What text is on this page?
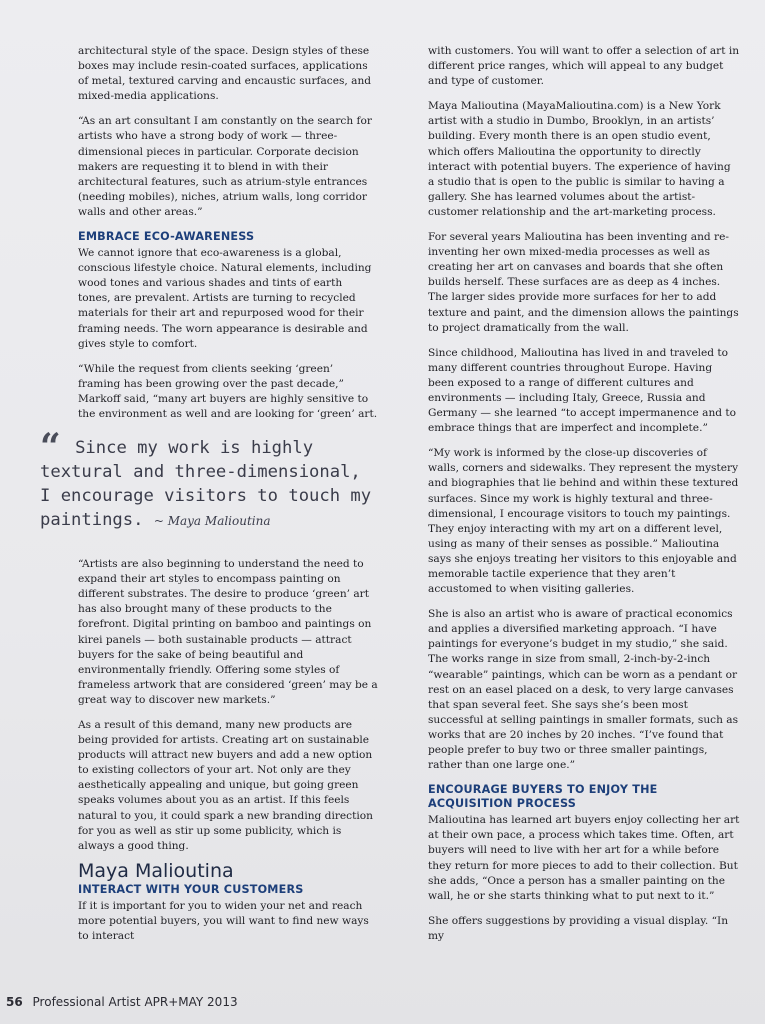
architectural style of the space. Design styles of these boxes may include resin-coated surfaces, applications of metal, textured carving and encaustic surfaces, and mixed-media applications.

“As an art consultant I am constantly on the search for artists who have a strong body of work — three-dimensional pieces in particular. Corporate decision makers are requesting it to blend in with their architectural features, such as atrium-style entrances (needing mobiles), niches, atrium walls, long corridor walls and other areas.”

EMBRACE ECO-AWARENESS

We cannot ignore that eco-awareness is a global, conscious lifestyle choice. Natural elements, including wood tones and various shades and tints of earth tones, are prevalent. Artists are turning to recycled materials for their art and repurposed wood for their framing needs. The worn appearance is desirable and gives style to comfort.

“While the request from clients seeking ‘green’ framing has been growing over the past decade,” Markoff said, “many art buyers are highly sensitive to the environment as well and are looking for ‘green’ art.

“ Since my work is highly textural and three-dimensional, I encourage visitors to touch my paintings. ~ Maya Malioutina

“Artists are also beginning to understand the need to expand their art styles to encompass painting on different substrates. The desire to produce ‘green’ art has also brought many of these products to the forefront. Digital printing on bamboo and paintings on kirei panels — both sustainable products — attract buyers for the sake of being beautiful and environmentally friendly. Offering some styles of frameless artwork that are considered ‘green’ may be a great way to discover new markets.”

As a result of this demand, many new products are being provided for artists. Creating art on sustainable products will attract new buyers and add a new option to existing collectors of your art. Not only are they aesthetically appealing and unique, but going green speaks volumes about you as an artist. If this feels natural to you, it could spark a new branding direction for you as well as stir up some publicity, which is always a good thing.

Maya Malioutina
INTERACT WITH YOUR CUSTOMERS

If it is important for you to widen your net and reach more potential buyers, you will want to find new ways to interact

with customers. You will want to offer a selection of art in different price ranges, which will appeal to any budget and type of customer.

Maya Malioutina (MayaMalioutina.com) is a New York artist with a studio in Dumbo, Brooklyn, in an artists’ building. Every month there is an open studio event, which offers Malioutina the opportunity to directly interact with potential buyers. The experience of having a studio that is open to the public is similar to having a gallery. She has learned volumes about the artist-customer relationship and the art-marketing process.

For several years Malioutina has been inventing and re-inventing her own mixed-media processes as well as creating her art on canvases and boards that she often builds herself. These surfaces are as deep as 4 inches. The larger sides provide more surfaces for her to add texture and paint, and the dimension allows the paintings to project dramatically from the wall.

Since childhood, Malioutina has lived in and traveled to many different countries throughout Europe. Having been exposed to a range of different cultures and environments — including Italy, Greece, Russia and Germany — she learned “to accept impermanence and to embrace things that are imperfect and incomplete.”

“My work is informed by the close-up discoveries of walls, corners and sidewalks. They represent the mystery and biographies that lie behind and within these textured surfaces. Since my work is highly textural and three-dimensional, I encourage visitors to touch my paintings. They enjoy interacting with my art on a different level, using as many of their senses as possible.” Malioutina says she enjoys treating her visitors to this enjoyable and memorable tactile experience that they aren’t accustomed to when visiting galleries.

She is also an artist who is aware of practical economics and applies a diversified marketing approach. “I have paintings for everyone’s budget in my studio,” she said. The works range in size from small, 2-inch-by-2-inch “wearable” paintings, which can be worn as a pendant or rest on an easel placed on a desk, to very large canvases that span several feet. She says she’s been most successful at selling paintings in smaller formats, such as works that are 20 inches by 20 inches. “I’ve found that people prefer to buy two or three smaller paintings, rather than one large one.”

ENCOURAGE BUYERS TO ENJOY THE ACQUISITION PROCESS

Malioutina has learned art buyers enjoy collecting her art at their own pace, a process which takes time. Often, art buyers will need to live with her art for a while before they return for more pieces to add to their collection. But she adds, “Once a person has a smaller painting on the wall, he or she starts thinking what to put next to it.”

She offers suggestions by providing a visual display. “In my

56 Professional Artist APR+MAY 2013
